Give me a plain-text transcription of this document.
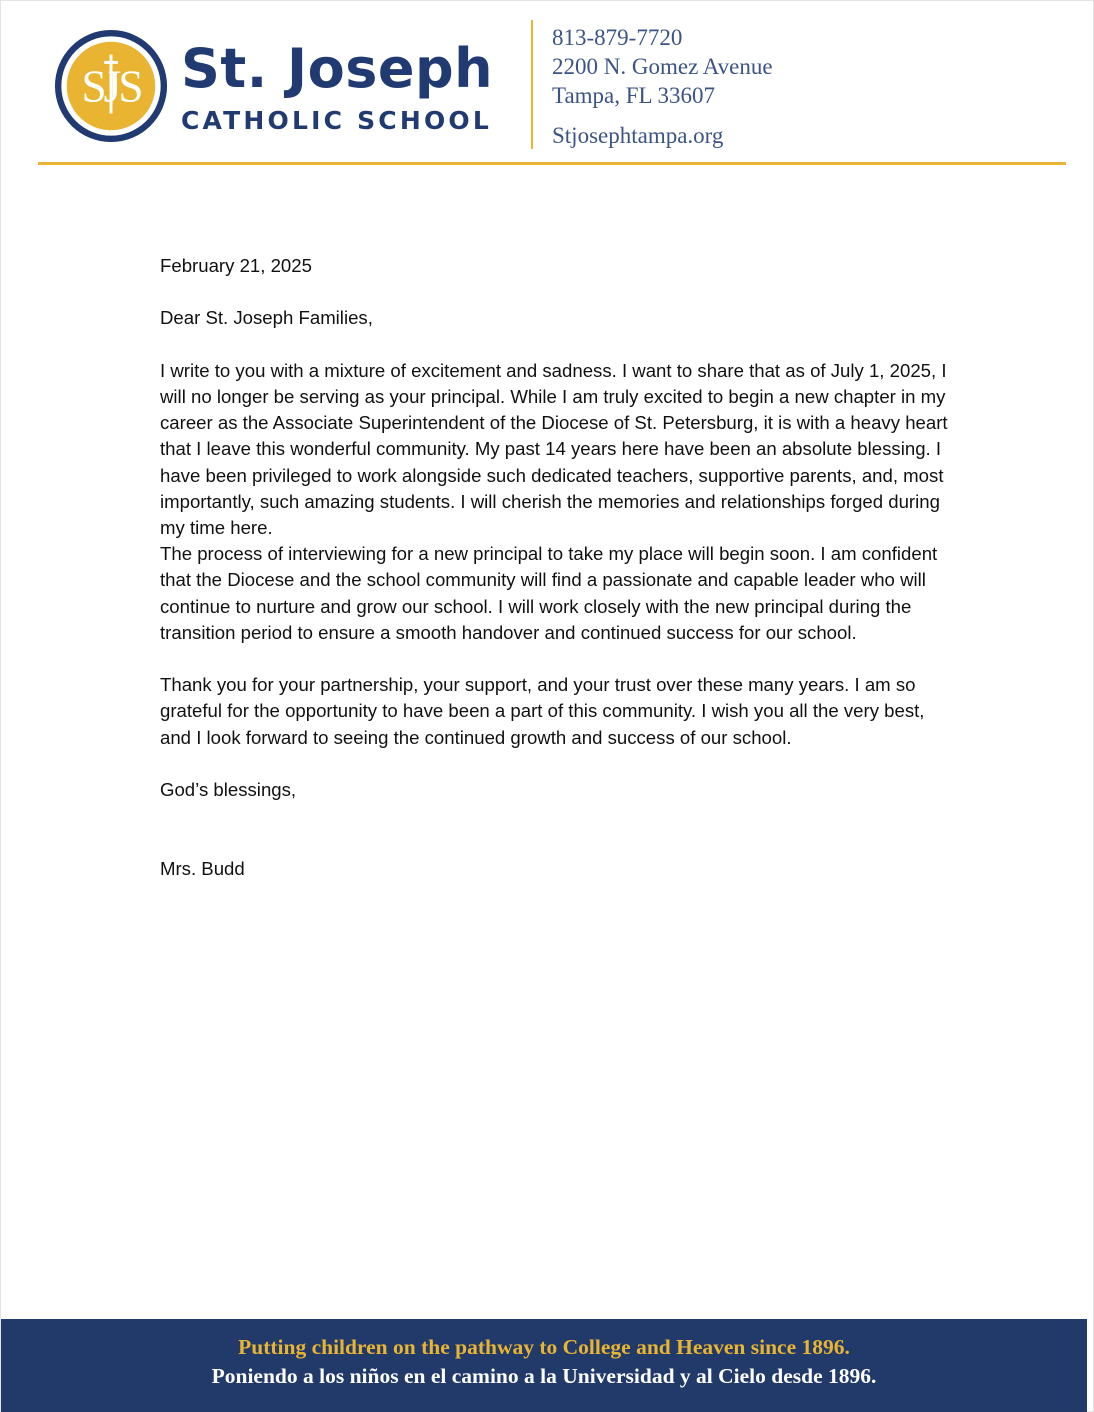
SJS St. Joseph
CATHOLIC SCHOOL
813-879-7720
2200 N. Gomez Avenue
Tampa, FL 33607
Stjosephtampa.org

February 21, 2025

Dear St. Joseph Families,

I write to you with a mixture of excitement and sadness. I want to share that as of July 1, 2025, I will no longer be serving as your principal. While I am truly excited to begin a new chapter in my career as the Associate Superintendent of the Diocese of St. Petersburg, it is with a heavy heart that I leave this wonderful community. My past 14 years here have been an absolute blessing. I have been privileged to work alongside such dedicated teachers, supportive parents, and, most importantly, such amazing students. I will cherish the memories and relationships forged during my time here.
The process of interviewing for a new principal to take my place will begin soon. I am confident that the Diocese and the school community will find a passionate and capable leader who will continue to nurture and grow our school. I will work closely with the new principal during the transition period to ensure a smooth handover and continued success for our school.

Thank you for your partnership, your support, and your trust over these many years. I am so grateful for the opportunity to have been a part of this community. I wish you all the very best, and I look forward to seeing the continued growth and success of our school.

God’s blessings,

Mrs. Budd

Putting children on the pathway to College and Heaven since 1896.
Poniendo a los niños en el camino a la Universidad y al Cielo desde 1896.
